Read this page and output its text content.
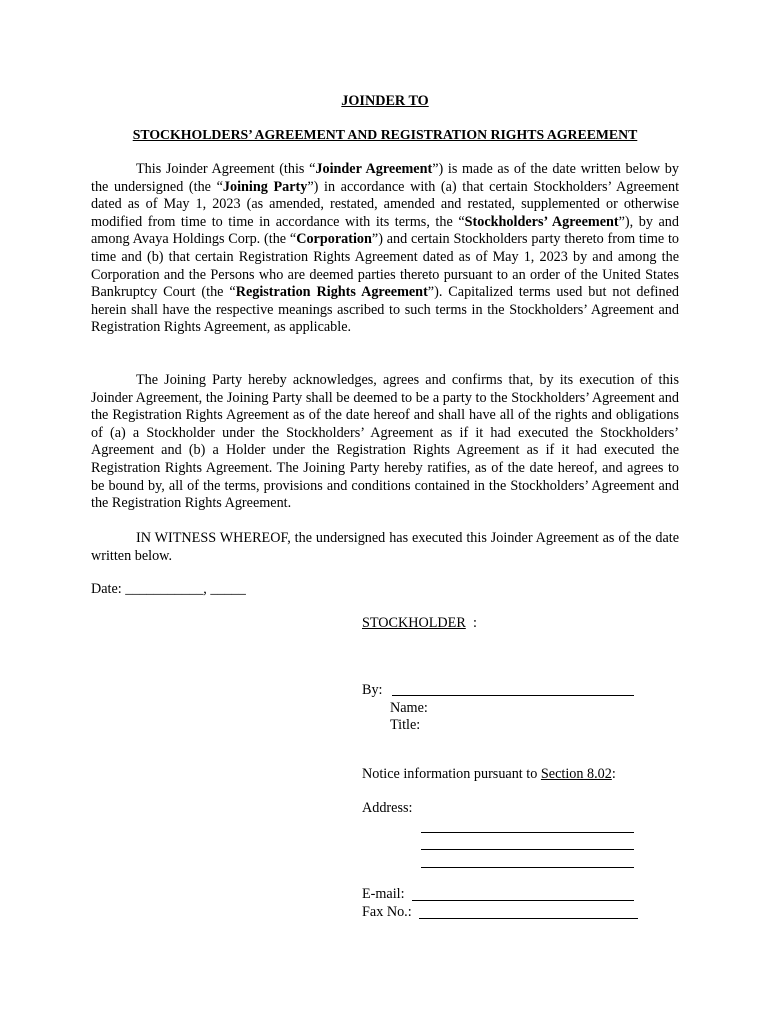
JOINDER TO
STOCKHOLDERS’ AGREEMENT AND REGISTRATION RIGHTS AGREEMENT

This Joinder Agreement (this “Joinder Agreement”) is made as of the date written below by the undersigned (the “Joining Party”) in accordance with (a) that certain Stockholders’ Agreement dated as of May 1, 2023 (as amended, restated, amended and restated, supplemented or otherwise modified from time to time in accordance with its terms, the “Stockholders’ Agreement”), by and among Avaya Holdings Corp. (the “Corporation”) and certain Stockholders party thereto from time to time and (b) that certain Registration Rights Agreement dated as of May 1, 2023 by and among the Corporation and the Persons who are deemed parties thereto pursuant to an order of the United States Bankruptcy Court (the “Registration Rights Agreement”). Capitalized terms used but not defined herein shall have the respective meanings ascribed to such terms in the Stockholders’ Agreement and Registration Rights Agreement, as applicable.

The Joining Party hereby acknowledges, agrees and confirms that, by its execution of this Joinder Agreement, the Joining Party shall be deemed to be a party to the Stockholders’ Agreement and the Registration Rights Agreement as of the date hereof and shall have all of the rights and obligations of (a) a Stockholder under the Stockholders’ Agreement as if it had executed the Stockholders’ Agreement and (b) a Holder under the Registration Rights Agreement as if it had executed the Registration Rights Agreement. The Joining Party hereby ratifies, as of the date hereof, and agrees to be bound by, all of the terms, provisions and conditions contained in the Stockholders’ Agreement and the Registration Rights Agreement.

IN WITNESS WHEREOF, the undersigned has executed this Joinder Agreement as of the date written below.

Date: ___________, _____
STOCKHOLDER :
By:
Name:
Title:
Notice information pursuant to Section 8.02:
Address:
E-mail:
Fax No.:
